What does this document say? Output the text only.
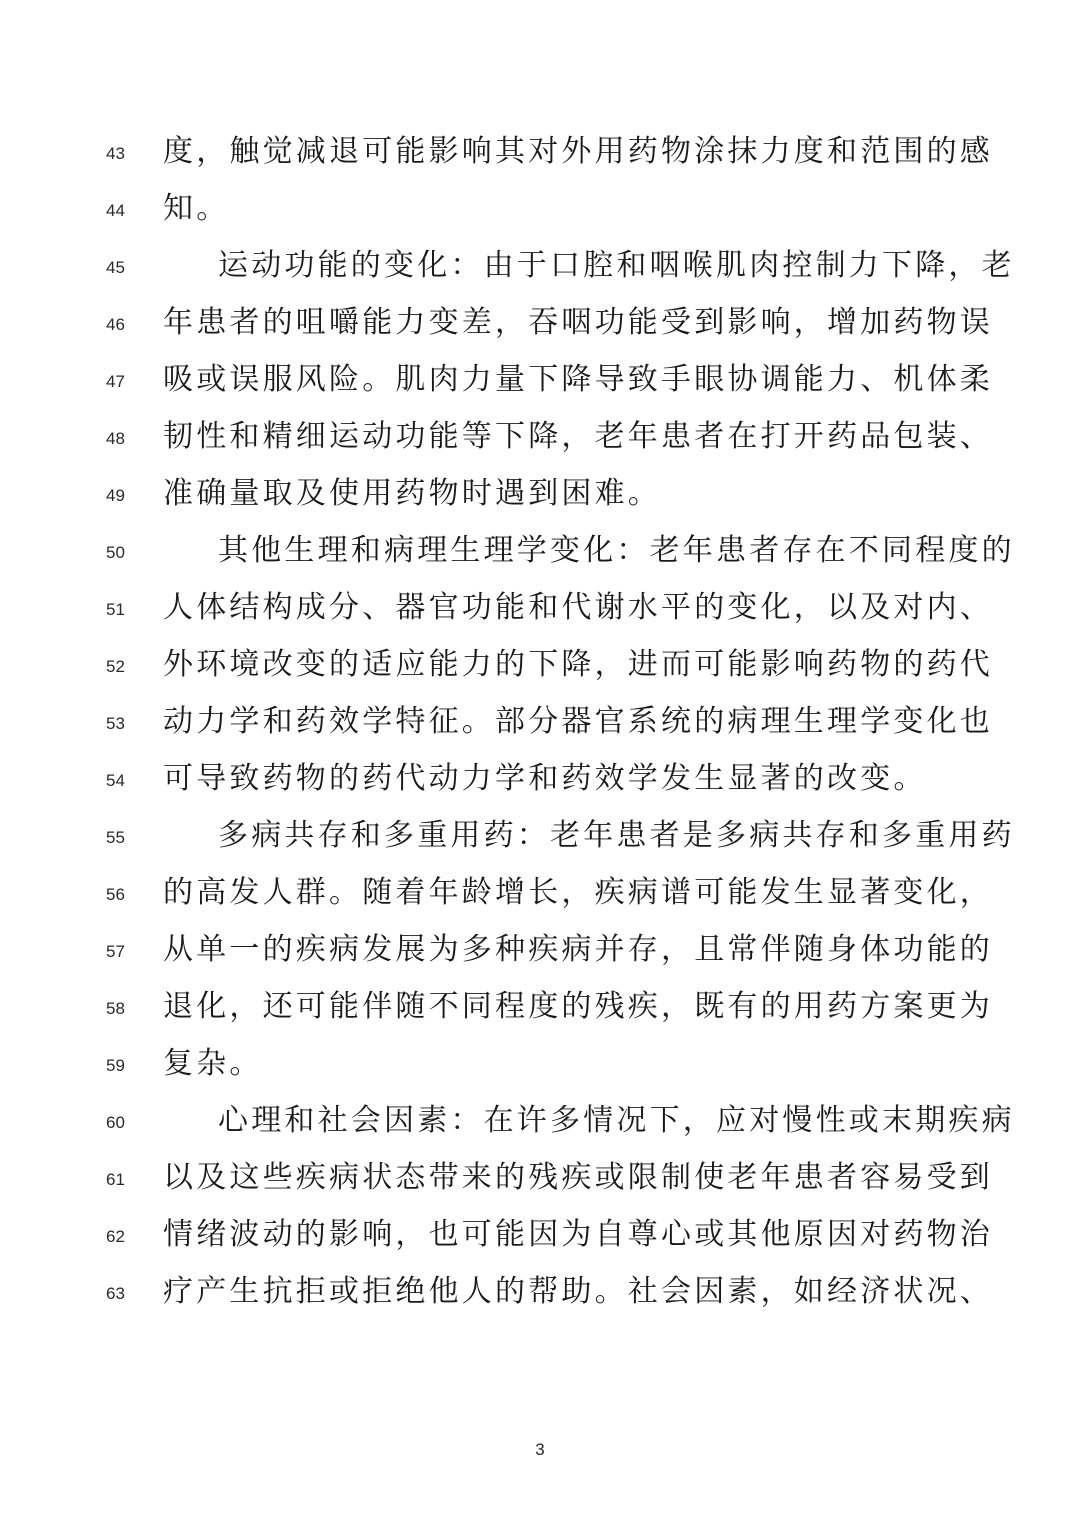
43	度，触觉减退可能影响其对外用药物涂抹力度和范围的感
44	知。
45	运动功能的变化：由于口腔和咽喉肌肉控制力下降，老
46	年患者的咀嚼能力变差，吞咽功能受到影响，增加药物误
47	吸或误服风险。肌肉力量下降导致手眼协调能力、机体柔
48	韧性和精细运动功能等下降，老年患者在打开药品包装、
49	准确量取及使用药物时遇到困难。
50	其他生理和病理生理学变化：老年患者存在不同程度的
51	人体结构成分、器官功能和代谢水平的变化，以及对内、
52	外环境改变的适应能力的下降，进而可能影响药物的药代
53	动力学和药效学特征。部分器官系统的病理生理学变化也
54	可导致药物的药代动力学和药效学发生显著的改变。
55	多病共存和多重用药：老年患者是多病共存和多重用药
56	的高发人群。随着年龄增长，疾病谱可能发生显著变化，
57	从单一的疾病发展为多种疾病并存，且常伴随身体功能的
58	退化，还可能伴随不同程度的残疾，既有的用药方案更为
59	复杂。
60	心理和社会因素：在许多情况下，应对慢性或末期疾病
61	以及这些疾病状态带来的残疾或限制使老年患者容易受到
62	情绪波动的影响，也可能因为自尊心或其他原因对药物治
63	疗产生抗拒或拒绝他人的帮助。社会因素，如经济状况、
3
